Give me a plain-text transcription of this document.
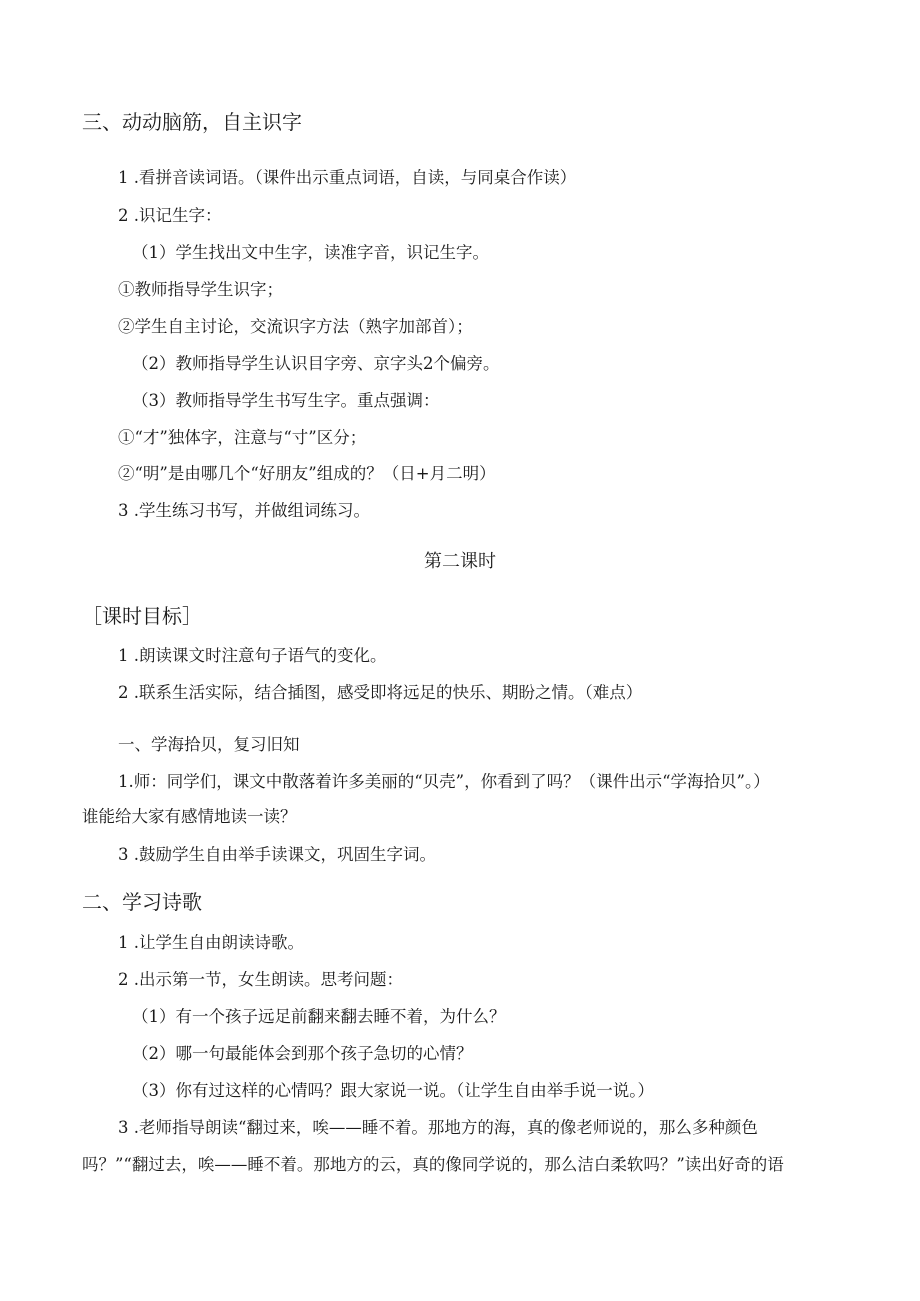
三、动动脑筋，自主识字
1 .看拼音读词语。（课件出示重点词语，自读，与同桌合作读）
2 .识记生字：
（1）学生找出文中生字，读准字音，识记生字。
①教师指导学生识字；
②学生自主讨论，交流识字方法（熟字加部首）；
（2）教师指导学生认识目字旁、京字头2个偏旁。
（3）教师指导学生书写生字。重点强调：
①“才”独体字，注意与“寸”区分；
②“明”是由哪几个“好朋友”组成的？（日+月二明）
3 .学生练习书写，并做组词练习。
第二课时
［课时目标］
1 .朗读课文时注意句子语气的变化。
2 .联系生活实际，结合插图，感受即将远足的快乐、期盼之情。（难点）
一、学海拾贝，复习旧知
1.师：同学们，课文中散落着许多美丽的“贝壳”，你看到了吗？（课件出示“学海拾贝”。）
谁能给大家有感情地读一读？
3 .鼓励学生自由举手读课文，巩固生字词。
二、学习诗歌
1 .让学生自由朗读诗歌。
2 .出示第一节，女生朗读。思考问题：
（1）有一个孩子远足前翻来翻去睡不着，为什么？
（2）哪一句最能体会到那个孩子急切的心情？
（3）你有过这样的心情吗？跟大家说一说。（让学生自由举手说一说。）
3 .老师指导朗读“翻过来，唉——睡不着。那地方的海，真的像老师说的，那么多种颜色
吗？”“翻过去，唉——睡不着。那地方的云，真的像同学说的，那么洁白柔软吗？”读出好奇的语
